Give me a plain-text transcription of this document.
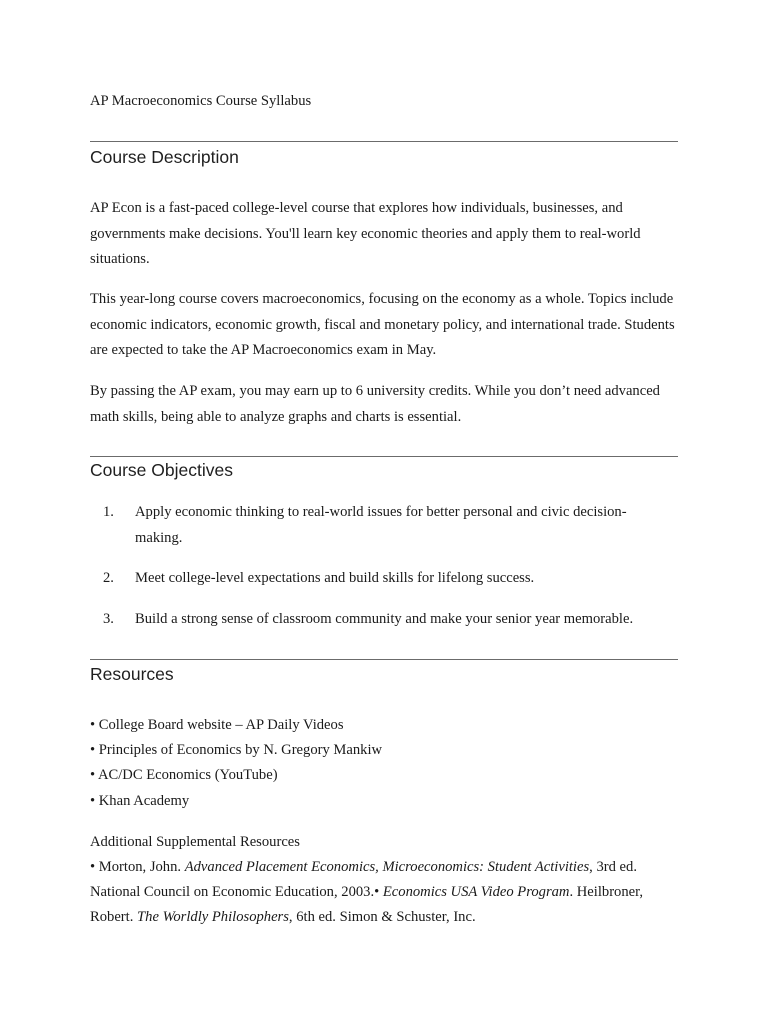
AP Macroeconomics Course Syllabus
Course Description

AP Econ is a fast-paced college-level course that explores how individuals, businesses, and governments make decisions. You'll learn key economic theories and apply them to real-world situations.

This year-long course covers macroeconomics, focusing on the economy as a whole. Topics include economic indicators, economic growth, fiscal and monetary policy, and international trade. Students are expected to take the AP Macroeconomics exam in May.

By passing the AP exam, you may earn up to 6 university credits. While you don’t need advanced math skills, being able to analyze graphs and charts is essential.

Course Objectives
1.	Apply economic thinking to real-world issues for better personal and civic decision-making.
2.	Meet college-level expectations and build skills for lifelong success.
3.	Build a strong sense of classroom community and make your senior year memorable.
Resources

• College Board website – AP Daily Videos

• Principles of Economics by N. Gregory Mankiw

• AC/DC Economics (YouTube)

• Khan Academy

Additional Supplemental Resources

• Morton, John. Advanced Placement Economics, Microeconomics: Student Activities, 3rd ed.

National Council on Economic Education, 2003.• Economics USA Video Program. Heilbroner,

Robert. The Worldly Philosophers, 6th ed. Simon & Schuster, Inc.
